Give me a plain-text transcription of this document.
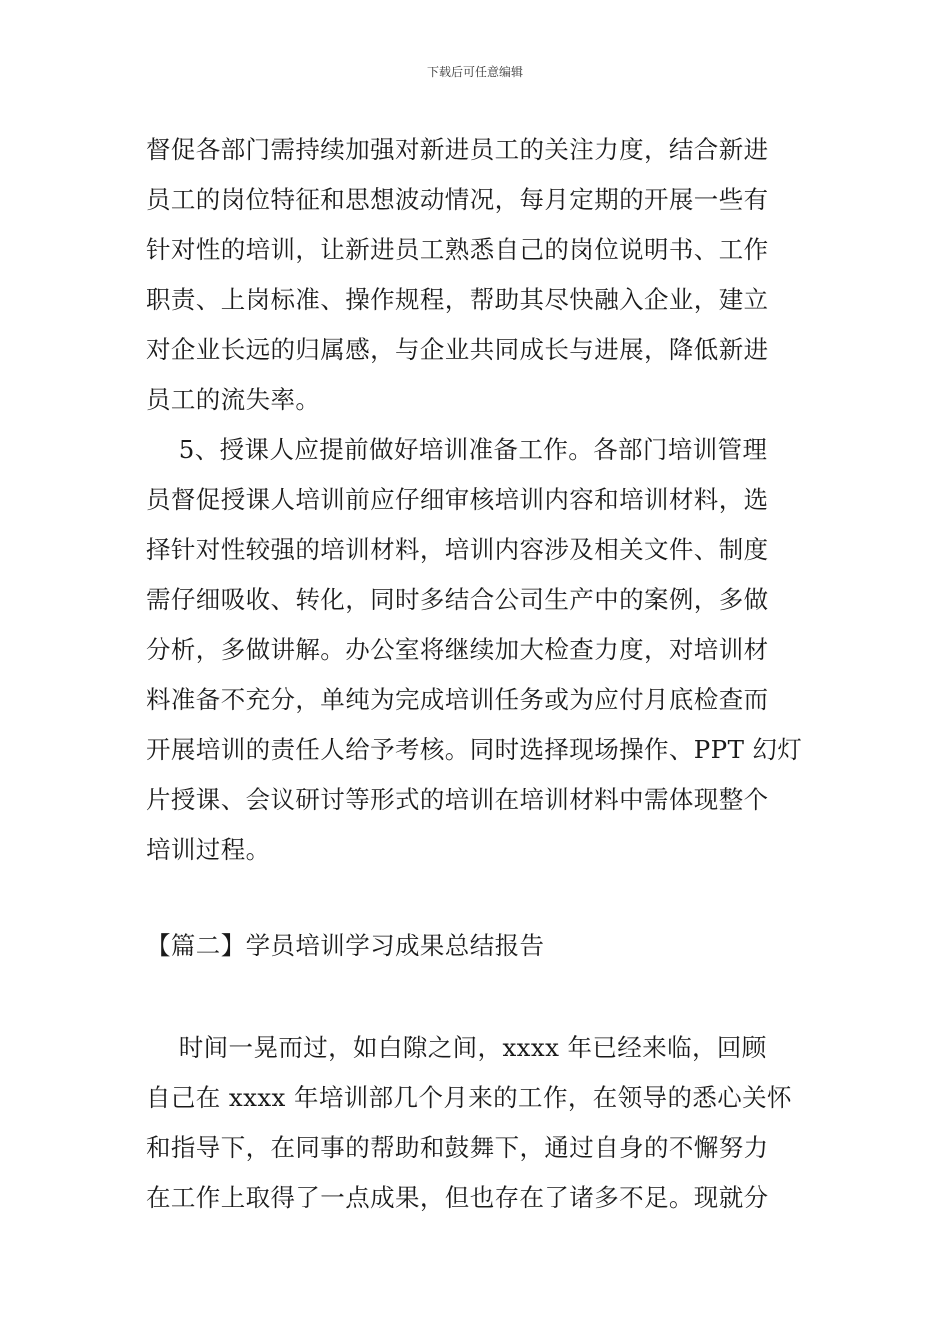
下载后可任意编辑
督促各部门需持续加强对新进员工的关注力度，结合新进
员工的岗位特征和思想波动情况，每月定期的开展一些有
针对性的培训，让新进员工熟悉自己的岗位说明书、工作
职责、上岗标准、操作规程，帮助其尽快融入企业，建立
对企业长远的归属感，与企业共同成长与进展，降低新进
员工的流失率。
5、授课人应提前做好培训准备工作。各部门培训管理
员督促授课人培训前应仔细审核培训内容和培训材料，选
择针对性较强的培训材料，培训内容涉及相关文件、制度
需仔细吸收、转化，同时多结合公司生产中的案例，多做
分析，多做讲解。办公室将继续加大检查力度，对培训材
料准备不充分，单纯为完成培训任务或为应付月底检查而
开展培训的责任人给予考核。同时选择现场操作、PPT 幻灯
片授课、会议研讨等形式的培训在培训材料中需体现整个
培训过程。
【篇二】学员培训学习成果总结报告
时间一晃而过，如白隙之间，xxxx 年已经来临，回顾
自己在 xxxx 年培训部几个月来的工作，在领导的悉心关怀
和指导下，在同事的帮助和鼓舞下，通过自身的不懈努力
在工作上取得了一点成果，但也存在了诸多不足。现就分
